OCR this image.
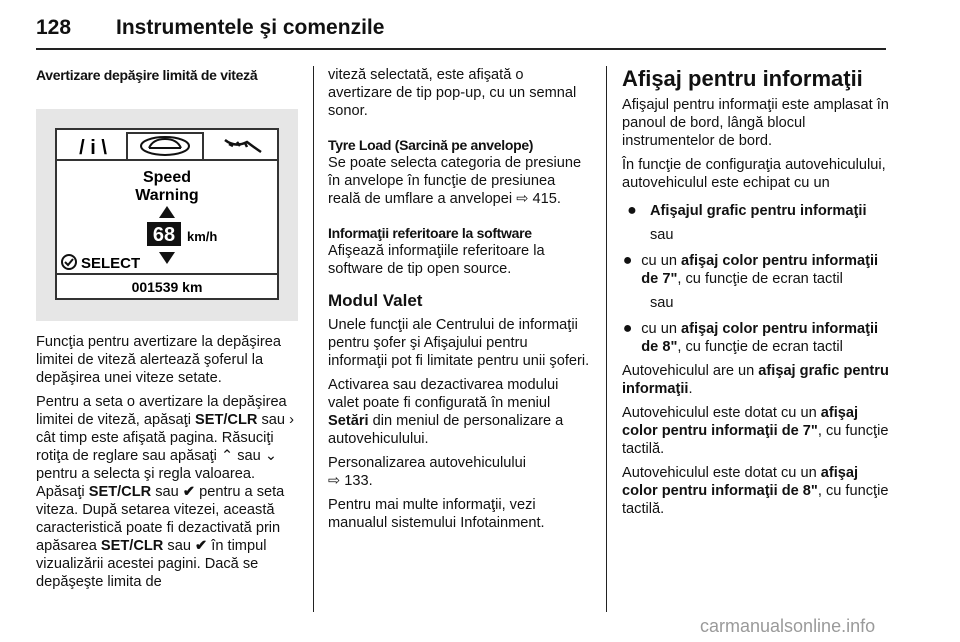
128 Instrumentele şi comenzile
Avertizare depăşire limită de viteză
/ i \
Speed
Warning
68 km/h
SELECT
001539 km

Funcţia pentru avertizare la depăşirea limitei de viteză alertează şoferul la depăşirea unei viteze setate.

Pentru a seta o avertizare la depăşirea limitei de viteză, apăsaţi SET/CLR sau › cât timp este afişată pagina. Răsuciţi rotiţa de reglare sau apăsaţi ⌃ sau ⌄ pentru a selecta şi regla valoarea. Apăsaţi SET/CLR sau ✔ pentru a seta viteza. După setarea vitezei, această caracteristică poate fi dezactivată prin apăsarea SET/CLR sau ✔ în timpul vizualizării acestei pagini. Dacă se depăşeşte limita de

viteză selectată, este afişată o avertizare de tip pop-up, cu un semnal sonor.

Tyre Load (Sarcină pe anvelope)

Se poate selecta categoria de presiune în anvelope în funcţie de presiunea reală de umflare a anvelopei ⇨ 415.

Informaţii referitoare la software

Afişează informaţiile referitoare la software de tip open source.

Modul Valet

Unele funcţii ale Centrului de informaţii pentru şofer şi Afişajului pentru informaţii pot fi limitate pentru unii şoferi.

Activarea sau dezactivarea modului valet poate fi configurată în meniul Setări din meniul de personalizare a autovehiculului.

Personalizarea autovehiculului
⇨ 133.

Pentru mai multe informaţii, vezi manualul sistemului Infotainment.

Afişaj pentru informaţii

Afişajul pentru informaţii este amplasat în panoul de bord, lângă blocul instrumentelor de bord.

În funcţie de configuraţia autovehiculului, autovehiculul este echipat cu un

● Afişajul grafic pentru informaţii
sau
● cu un afişaj color pentru informaţii de 7", cu funcţie de ecran tactil
sau
● cu un afişaj color pentru informaţii de 8", cu funcţie de ecran tactil

Autovehiculul are un afişaj grafic pentru informaţii.

Autovehiculul este dotat cu un afişaj color pentru informaţii de 7", cu funcţie tactilă.

Autovehiculul este dotat cu un afişaj color pentru informaţii de 8", cu funcţie tactilă.

carmanualsonline.info
